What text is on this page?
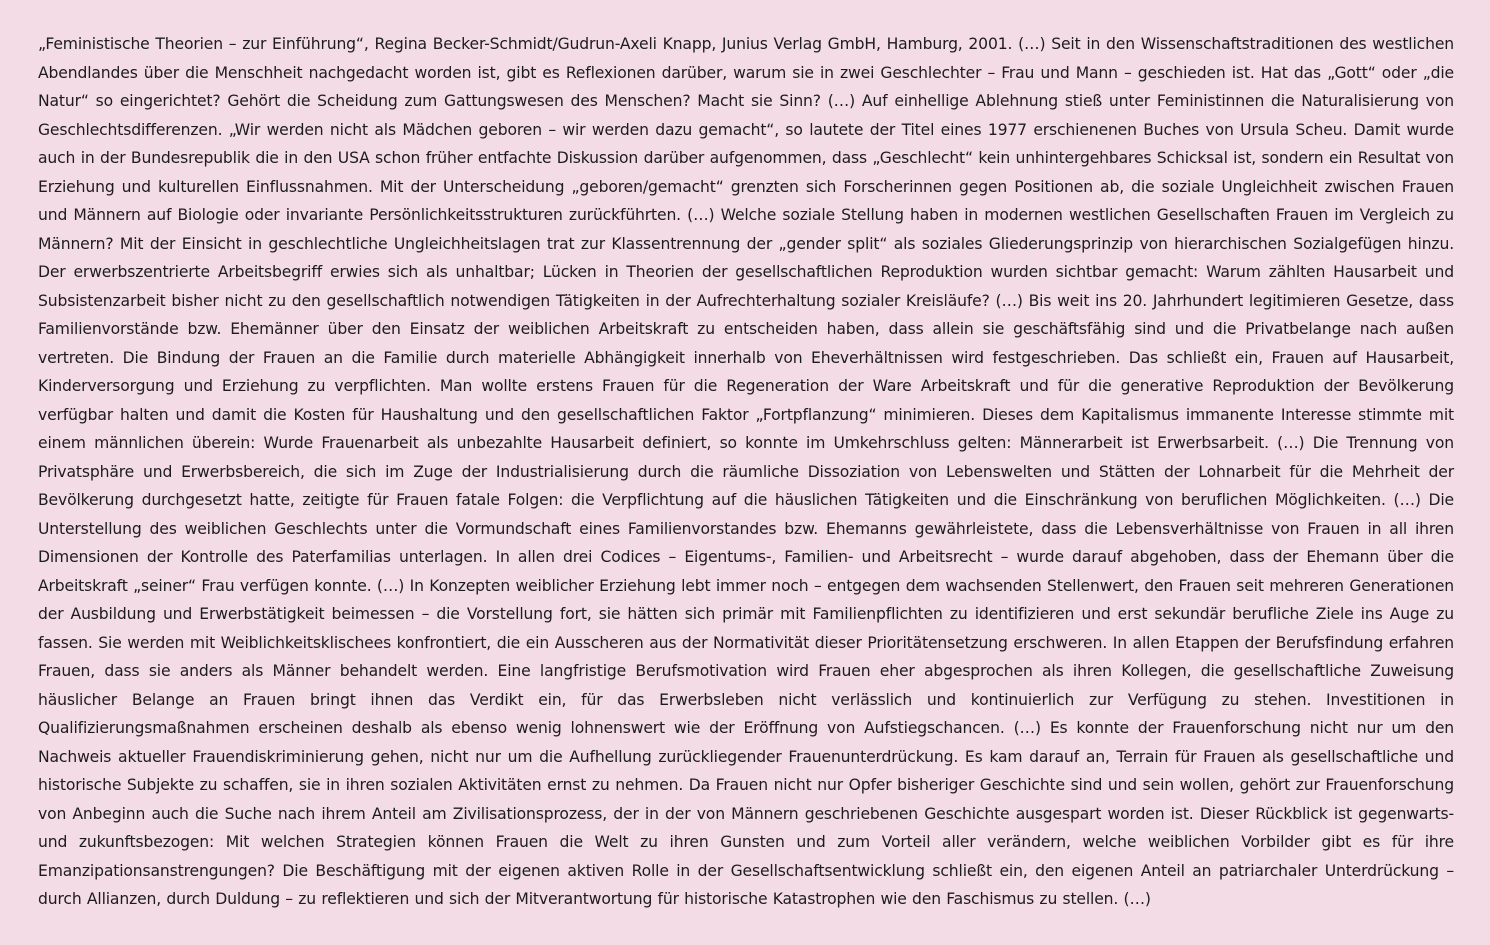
„Feministische Theorien – zur Einführung“, Regina Becker-Schmidt/Gudrun-Axeli Knapp, Junius Verlag GmbH, Hamburg, 2001. (…) Seit in den Wissenschaftstraditionen des westlichen Abendlandes über die Menschheit nachgedacht worden ist, gibt es Reflexionen darüber, warum sie in zwei Geschlechter – Frau und Mann – geschieden ist. Hat das „Gott“ oder „die Natur“ so eingerichtet? Gehört die Scheidung zum Gattungswesen des Menschen? Macht sie Sinn? (…) Auf einhellige Ablehnung stieß unter Feministinnen die Naturalisierung von Geschlechtsdifferenzen. „Wir werden nicht als Mädchen geboren – wir werden dazu gemacht“, so lautete der Titel eines 1977 erschienenen Buches von Ursula Scheu. Damit wurde auch in der Bundesrepublik die in den USA schon früher entfachte Diskussion darüber aufgenommen, dass „Geschlecht“ kein unhintergehbares Schicksal ist, sondern ein Resultat von Erziehung und kulturellen Einflussnahmen. Mit der Unterscheidung „geboren/gemacht“ grenzten sich Forscherinnen gegen Positionen ab, die soziale Ungleichheit zwischen Frauen und Männern auf Biologie oder invariante Persönlichkeitsstrukturen zurückführten. (…) Welche soziale Stellung haben in modernen westlichen Gesellschaften Frauen im Vergleich zu Männern? Mit der Einsicht in geschlechtliche Ungleichheitslagen trat zur Klassentrennung der „gender split“ als soziales Gliederungsprinzip von hierarchischen Sozialgefügen hinzu. Der erwerbszentrierte Arbeitsbegriff erwies sich als unhaltbar; Lücken in Theorien der gesellschaftlichen Reproduktion wurden sichtbar gemacht: Warum zählten Hausarbeit und Subsistenzarbeit bisher nicht zu den gesellschaftlich notwendigen Tätigkeiten in der Aufrechterhaltung sozialer Kreisläufe? (…) Bis weit ins 20. Jahrhundert legitimieren Gesetze, dass Familienvorstände bzw. Ehemänner über den Einsatz der weiblichen Arbeitskraft zu entscheiden haben, dass allein sie geschäftsfähig sind und die Privatbelange nach außen vertreten. Die Bindung der Frauen an die Familie durch materielle Abhängigkeit innerhalb von Eheverhältnissen wird festgeschrieben. Das schließt ein, Frauen auf Hausarbeit, Kinderversorgung und Erziehung zu verpflichten. Man wollte erstens Frauen für die Regeneration der Ware Arbeitskraft und für die generative Reproduktion der Bevölkerung verfügbar halten und damit die Kosten für Haushaltung und den gesellschaftlichen Faktor „Fortpflanzung“ minimieren. Dieses dem Kapitalismus immanente Interesse stimmte mit einem männlichen überein: Wurde Frauenarbeit als unbezahlte Hausarbeit definiert, so konnte im Umkehrschluss gelten: Männerarbeit ist Erwerbsarbeit. (…) Die Trennung von Privatsphäre und Erwerbsbereich, die sich im Zuge der Industrialisierung durch die räumliche Dissoziation von Lebenswelten und Stätten der Lohnarbeit für die Mehrheit der Bevölkerung durchgesetzt hatte, zeitigte für Frauen fatale Folgen: die Verpflichtung auf die häuslichen Tätigkeiten und die Einschränkung von beruflichen Möglichkeiten. (…) Die Unterstellung des weiblichen Geschlechts unter die Vormundschaft eines Familienvorstandes bzw. Ehemanns gewährleistete, dass die Lebensverhältnisse von Frauen in all ihren Dimensionen der Kontrolle des Paterfamilias unterlagen. In allen drei Codices – Eigentums-, Familien- und Arbeitsrecht – wurde darauf abgehoben, dass der Ehemann über die Arbeitskraft „seiner“ Frau verfügen konnte. (…) In Konzepten weiblicher Erziehung lebt immer noch – entgegen dem wachsenden Stellenwert, den Frauen seit mehreren Generationen der Ausbildung und Erwerbstätigkeit beimessen – die Vorstellung fort, sie hätten sich primär mit Familienpflichten zu identifizieren und erst sekundär berufliche Ziele ins Auge zu fassen. Sie werden mit Weiblichkeitsklischees konfrontiert, die ein Ausscheren aus der Normativität dieser Prioritätensetzung erschweren. In allen Etappen der Berufsfindung erfahren Frauen, dass sie anders als Männer behandelt werden. Eine langfristige Berufsmotivation wird Frauen eher abgesprochen als ihren Kollegen, die gesellschaftliche Zuweisung häuslicher Belange an Frauen bringt ihnen das Verdikt ein, für das Erwerbsleben nicht verlässlich und kontinuierlich zur Verfügung zu stehen. Investitionen in Qualifizierungsmaßnahmen erscheinen deshalb als ebenso wenig lohnenswert wie der Eröffnung von Aufstiegschancen. (…) Es konnte der Frauenforschung nicht nur um den Nachweis aktueller Frauendiskriminierung gehen, nicht nur um die Aufhellung zurückliegender Frauenunterdrückung. Es kam darauf an, Terrain für Frauen als gesellschaftliche und historische Subjekte zu schaffen, sie in ihren sozialen Aktivitäten ernst zu nehmen. Da Frauen nicht nur Opfer bisheriger Geschichte sind und sein wollen, gehört zur Frauenforschung von Anbeginn auch die Suche nach ihrem Anteil am Zivilisationsprozess, der in der von Männern geschriebenen Geschichte ausgespart worden ist. Dieser Rückblick ist gegenwarts- und zukunftsbezogen: Mit welchen Strategien können Frauen die Welt zu ihren Gunsten und zum Vorteil aller verändern, welche weiblichen Vorbilder gibt es für ihre Emanzipationsanstrengungen? Die Beschäftigung mit der eigenen aktiven Rolle in der Gesellschaftsentwicklung schließt ein, den eigenen Anteil an patriarchaler Unterdrückung – durch Allianzen, durch Duldung – zu reflektieren und sich der Mitverantwortung für historische Katastrophen wie den Faschismus zu stellen. (…)
